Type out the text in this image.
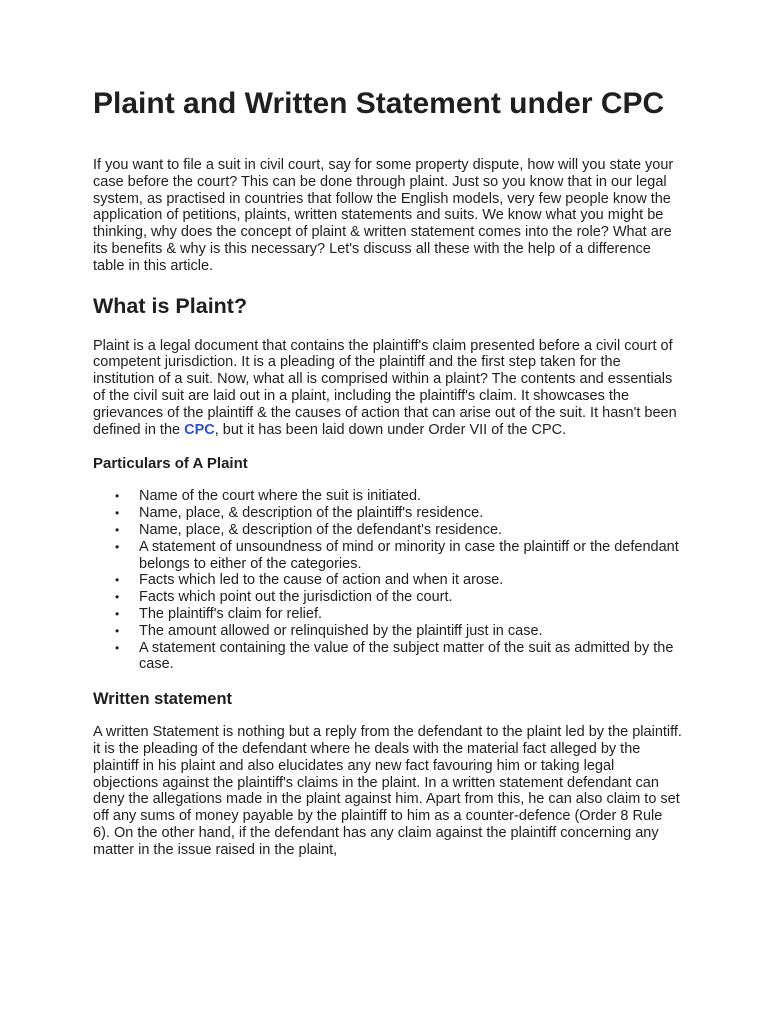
Plaint and Written Statement under CPC

If you want to file a suit in civil court, say for some property dispute, how will you state your case before the court? This can be done through plaint. Just so you know that in our legal system, as practised in countries that follow the English models, very few people know the application of petitions, plaints, written statements and suits. We know what you might be thinking, why does the concept of plaint & written statement comes into the role? What are its benefits & why is this necessary? Let's discuss all these with the help of a difference table in this article.

What is Plaint?

Plaint is a legal document that contains the plaintiff's claim presented before a civil court of competent jurisdiction. It is a pleading of the plaintiff and the first step taken for the institution of a suit. Now, what all is comprised within a plaint? The contents and essentials of the civil suit are laid out in a plaint, including the plaintiff's claim. It showcases the grievances of the plaintiff & the causes of action that can arise out of the suit. It hasn't been defined in the CPC, but it has been laid down under Order VII of the CPC.

Particulars of A Plaint
• Name of the court where the suit is initiated.
• Name, place, & description of the plaintiff's residence.
• Name, place, & description of the defendant's residence.
• A statement of unsoundness of mind or minority in case the plaintiff or the defendant belongs to either of the categories.
• Facts which led to the cause of action and when it arose.
• Facts which point out the jurisdiction of the court.
• The plaintiff's claim for relief.
• The amount allowed or relinquished by the plaintiff just in case.
• A statement containing the value of the subject matter of the suit as admitted by the case.
Written statement

A written Statement is nothing but a reply from the defendant to the plaint led by the plaintiff. it is the pleading of the defendant where he deals with the material fact alleged by the plaintiff in his plaint and also elucidates any new fact favouring him or taking legal objections against the plaintiff's claims in the plaint. In a written statement defendant can deny the allegations made in the plaint against him. Apart from this, he can also claim to set off any sums of money payable by the plaintiff to him as a counter-defence (Order 8 Rule 6). On the other hand, if the defendant has any claim against the plaintiff concerning any matter in the issue raised in the plaint,
